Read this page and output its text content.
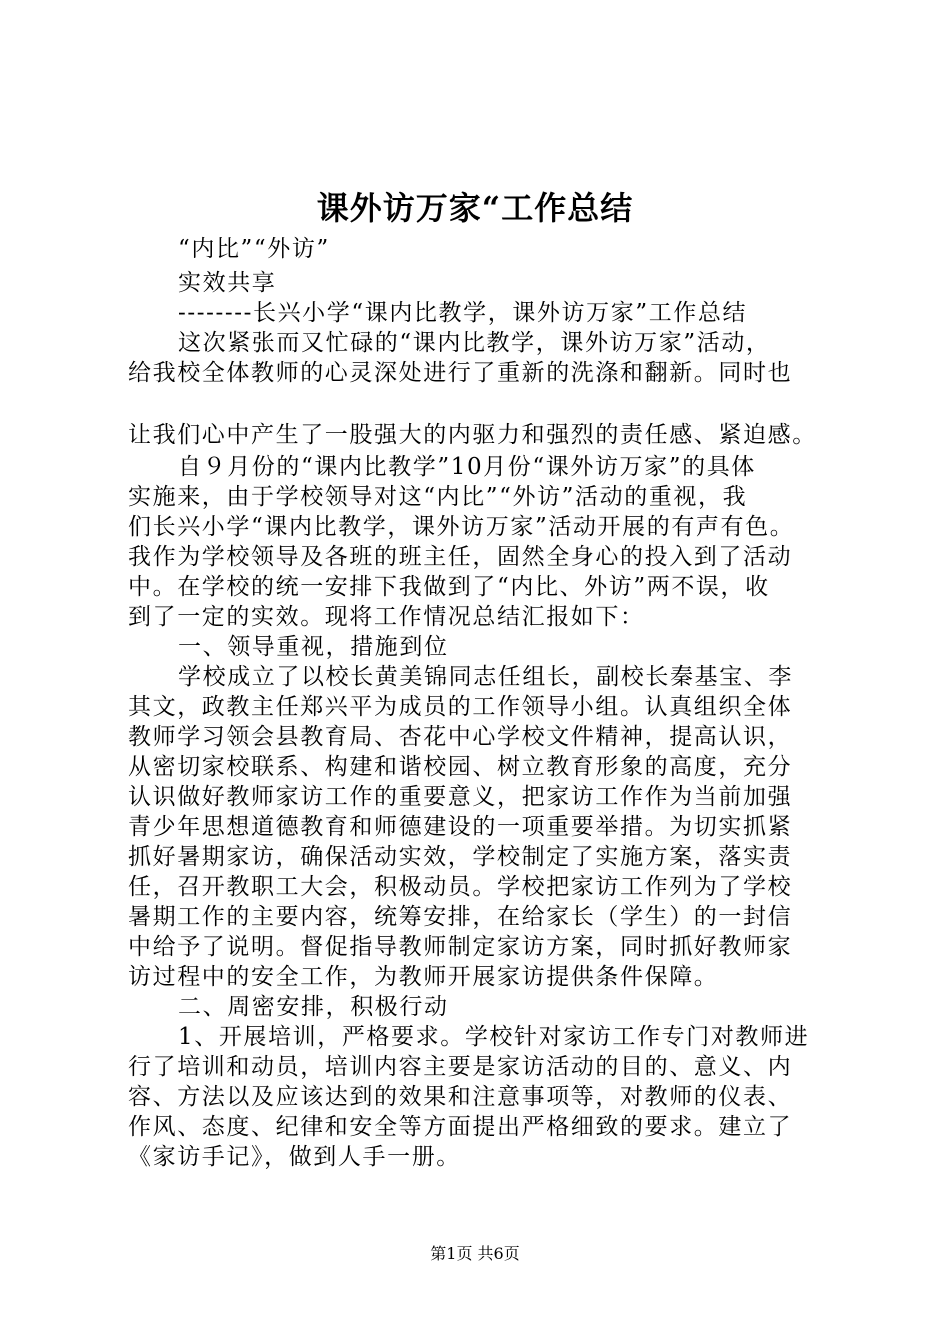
课外访万家“工作总结
“内比”“外访”
实效共享
--------长兴小学“课内比教学，课外访万家”工作总结
这次紧张而又忙碌的“课内比教学，课外访万家”活动，
给我校全体教师的心灵深处进行了重新的洗涤和翻新。同时也
让我们心中产生了一股强大的内驱力和强烈的责任感、紧迫感。
自９月份的“课内比教学”10月份“课外访万家”的具体
实施来，由于学校领导对这“内比”“外访”活动的重视，我
们长兴小学“课内比教学，课外访万家”活动开展的有声有色。
我作为学校领导及各班的班主任，固然全身心的投入到了活动
中。在学校的统一安排下我做到了“内比、外访”两不误，收
到了一定的实效。现将工作情况总结汇报如下：
一、领导重视，措施到位
学校成立了以校长黄美锦同志任组长，副校长秦基宝、李
其文，政教主任郑兴平为成员的工作领导小组。认真组织全体
教师学习领会县教育局、杏花中心学校文件精神，提高认识，
从密切家校联系、构建和谐校园、树立教育形象的高度，充分
认识做好教师家访工作的重要意义，把家访工作作为当前加强
青少年思想道德教育和师德建设的一项重要举措。为切实抓紧
抓好暑期家访，确保活动实效，学校制定了实施方案，落实责
任，召开教职工大会，积极动员。学校把家访工作列为了学校
暑期工作的主要内容，统筹安排，在给家长（学生）的一封信
中给予了说明。督促指导教师制定家访方案，同时抓好教师家
访过程中的安全工作，为教师开展家访提供条件保障。
二、周密安排，积极行动
1、开展培训，严格要求。学校针对家访工作专门对教师进
行了培训和动员，培训内容主要是家访活动的目的、意义、内
容、方法以及应该达到的效果和注意事项等，对教师的仪表、
作风、态度、纪律和安全等方面提出严格细致的要求。建立了
《家访手记》，做到人手一册。
第1页 共6页
